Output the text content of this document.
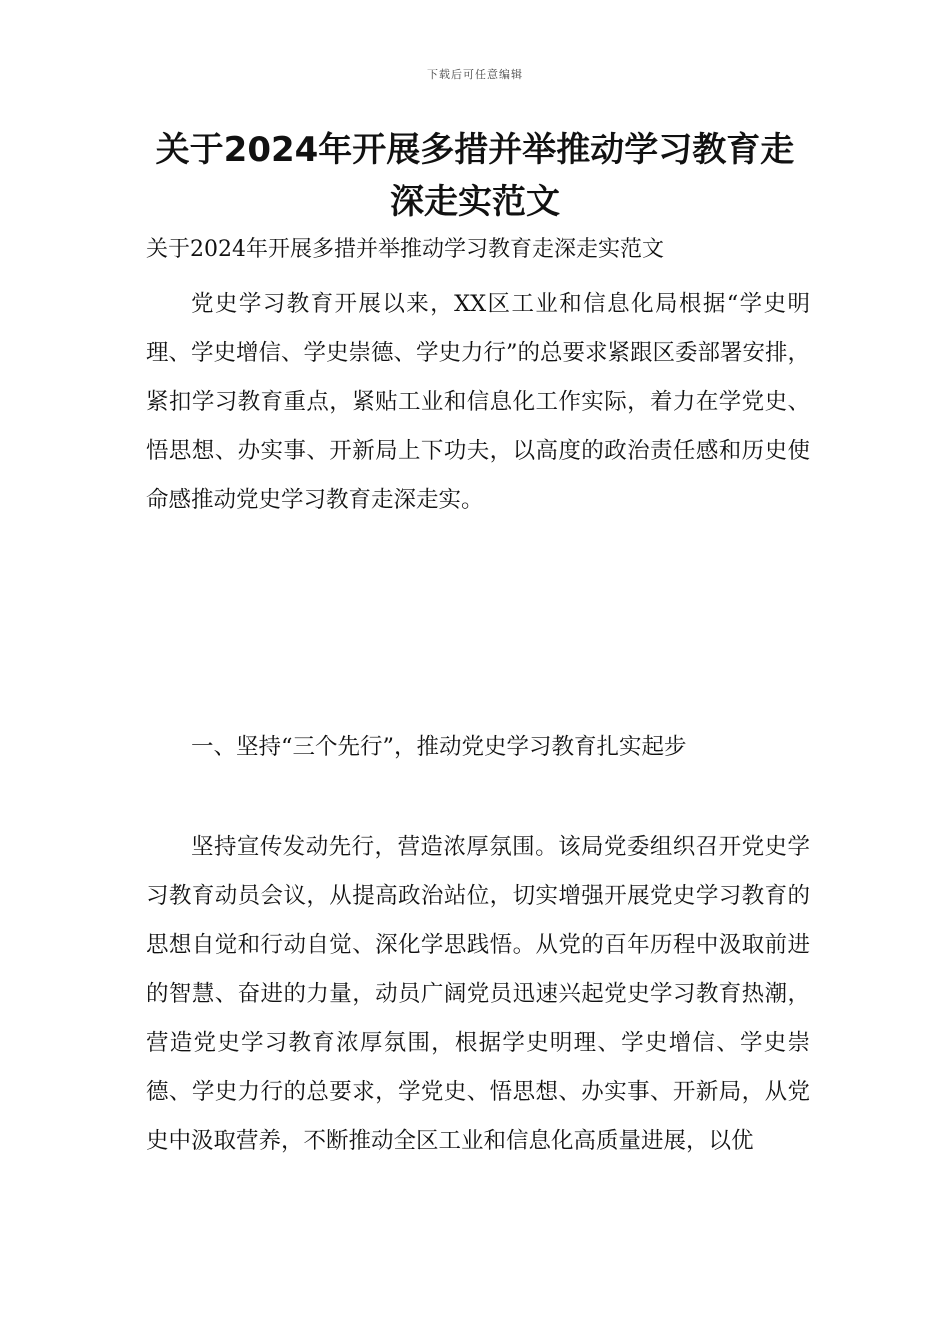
下载后可任意编辑
关于2024年开展多措并举推动学习教育走深走实范文

关于2024年开展多措并举推动学习教育走深走实范文

党史学习教育开展以来，XX区工业和信息化局根据“学史明理、学史增信、学史崇德、学史力行”的总要求紧跟区委部署安排，紧扣学习教育重点，紧贴工业和信息化工作实际，着力在学党史、悟思想、办实事、开新局上下功夫，以高度的政治责任感和历史使命感推动党史学习教育走深走实。

一、坚持“三个先行”，推动党史学习教育扎实起步

坚持宣传发动先行，营造浓厚氛围。该局党委组织召开党史学习教育动员会议，从提高政治站位，切实增强开展党史学习教育的思想自觉和行动自觉、深化学思践悟。从党的百年历程中汲取前进的智慧、奋进的力量，动员广阔党员迅速兴起党史学习教育热潮，营造党史学习教育浓厚氛围，根据学史明理、学史增信、学史崇德、学史力行的总要求，学党史、悟思想、办实事、开新局，从党史中汲取营养，不断推动全区工业和信息化高质量进展，以优
